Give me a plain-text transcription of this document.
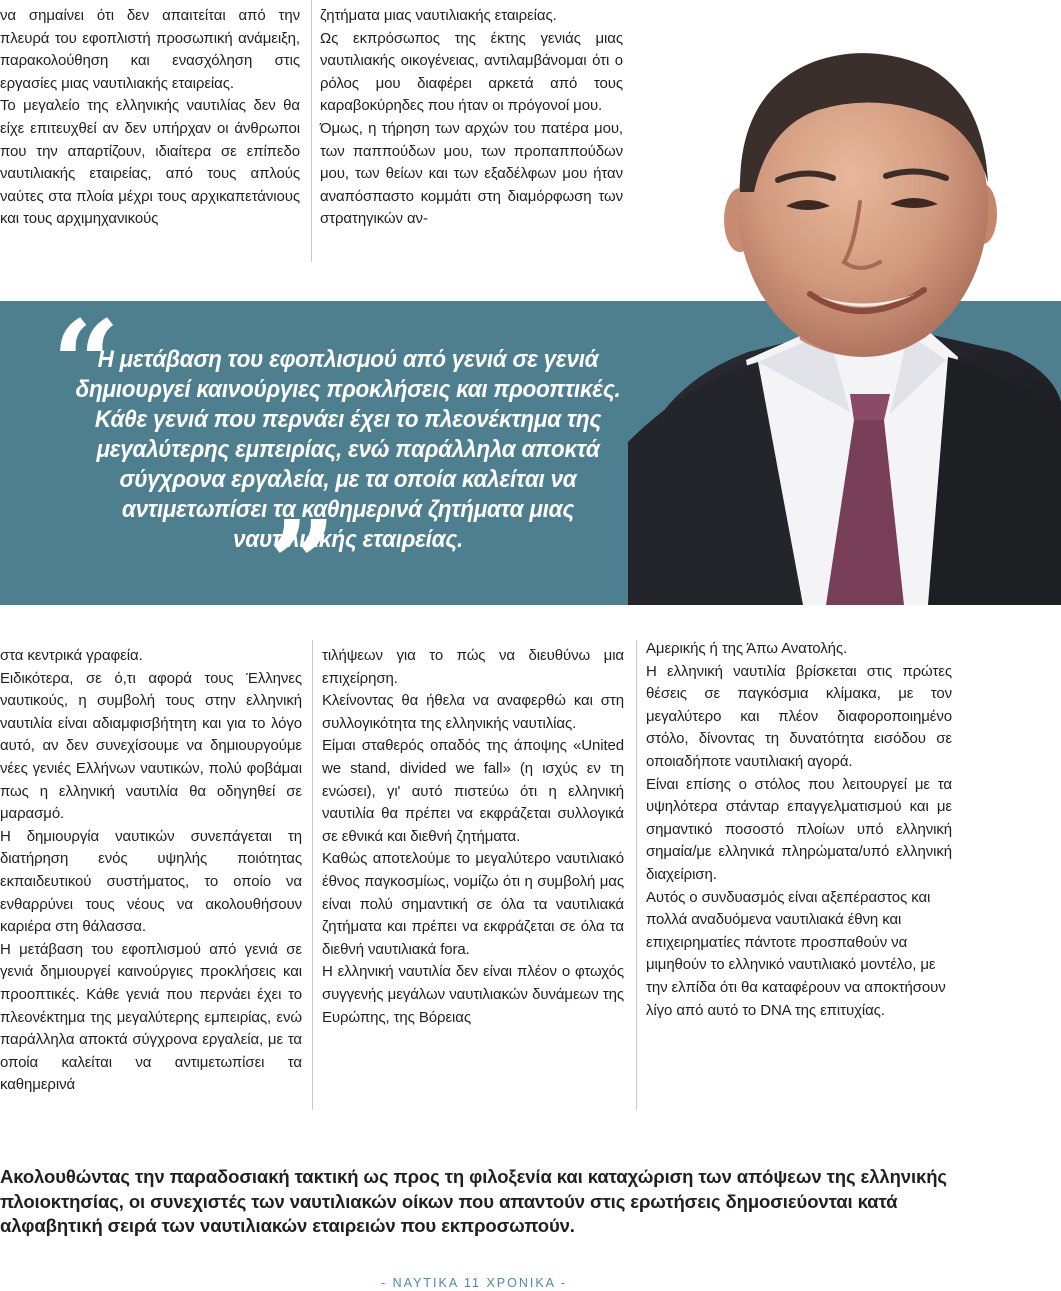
να σημαίνει ότι δεν απαιτείται από την πλευρά του εφοπλιστή προσωπική ανάμειξη, παρακολούθηση και ενασχόληση στις εργασίες μιας ναυτιλιακής εταιρείας.

Το μεγαλείο της ελληνικής ναυτιλίας δεν θα είχε επιτευχθεί αν δεν υπήρχαν οι άνθρωποι που την απαρτίζουν, ιδιαίτερα σε επίπεδο ναυτιλιακής εταιρείας, από τους απλούς ναύτες στα πλοία μέχρι τους αρχικαπετάνιους και τους αρχιμηχανικούς

ζητήματα μιας ναυτιλιακής εταιρείας.

Ως εκπρόσωπος της έκτης γενιάς μιας ναυτιλιακής οικογένειας, αντιλαμβάνομαι ότι ο ρόλος μου διαφέρει αρκετά από τους καραβοκύρηδες που ήταν οι πρόγονοί μου.

Όμως, η τήρηση των αρχών του πατέρα μου, των παππούδων μου, των προπαππούδων μου, των θείων και των εξαδέλφων μου ήταν αναπόσπαστο κομμάτι στη διαμόρφωση των στρατηγικών αν-

“

Η μετάβαση του εφοπλισμού από γενιά σε γενιά δημιουργεί καινούργιες προκλήσεις και προοπτικές. Κάθε γενιά που περνάει έχει το πλεονέκτημα της μεγαλύτερης εμπειρίας, ενώ παράλληλα αποκτά σύγχρονα εργαλεία, με τα οποία καλείται να αντιμετωπίσει τα καθημερινά ζητήματα μιας ναυτιλιακής εταιρείας.

”

στα κεντρικά γραφεία.

Ειδικότερα, σε ό,τι αφορά τους Έλληνες ναυτικούς, η συμβολή τους στην ελληνική ναυτιλία είναι αδιαμφισβήτητη και για το λόγο αυτό, αν δεν συνεχίσουμε να δημιουργούμε νέες γενιές Ελλήνων ναυτικών, πολύ φοβάμαι πως η ελληνική ναυτιλία θα οδηγηθεί σε μαρασμό.

Η δημιουργία ναυτικών συνεπάγεται τη διατήρηση ενός υψηλής ποιότητας εκπαιδευτικού συστήματος, το οποίο να ενθαρρύνει τους νέους να ακολουθήσουν καριέρα στη θάλασσα.

Η μετάβαση του εφοπλισμού από γενιά σε γενιά δημιουργεί καινούργιες προκλήσεις και προοπτικές. Κάθε γενιά που περνάει έχει το πλεονέκτημα της μεγαλύτερης εμπειρίας, ενώ παράλληλα αποκτά σύγχρονα εργαλεία, με τα οποία καλείται να αντιμετωπίσει τα καθημερινά

τιλήψεων για το πώς να διευθύνω μια επιχείρηση.

Κλείνοντας θα ήθελα να αναφερθώ και στη συλλογικότητα της ελληνικής ναυτιλίας.

Είμαι σταθερός οπαδός της άποψης «United we stand, divided we fall» (η ισχύς εν τη ενώσει), γι' αυτό πιστεύω ότι η ελληνική ναυτιλία θα πρέπει να εκφράζεται συλλογικά σε εθνικά και διεθνή ζητήματα.

Καθώς αποτελούμε το μεγαλύτερο ναυτιλιακό έθνος παγκοσμίως, νομίζω ότι η συμβολή μας είναι πολύ σημαντική σε όλα τα ναυτιλιακά ζητήματα και πρέπει να εκφράζεται σε όλα τα διεθνή ναυτιλιακά fora.

Η ελληνική ναυτιλία δεν είναι πλέον ο φτωχός συγγενής μεγάλων ναυτιλιακών δυνάμεων της Ευρώπης, της Βόρειας

Αμερικής ή της Άπω Ανατολής.

Η ελληνική ναυτιλία βρίσκεται στις πρώτες θέσεις σε παγκόσμια κλίμακα, με τον μεγαλύτερο και πλέον διαφοροποιημένο στόλο, δίνοντας τη δυνατότητα εισόδου σε οποιαδήποτε ναυτιλιακή αγορά.

Είναι επίσης ο στόλος που λειτουργεί με τα υψηλότερα στάνταρ επαγγελματισμού και με σημαντικό ποσοστό πλοίων υπό ελληνική σημαία/με ελληνικά πληρώματα/υπό ελληνική διαχείριση.

Αυτός ο συνδυασμός είναι αξεπέραστος και πολλά αναδυόμενα ναυτιλιακά έθνη και επιχειρηματίες πάντοτε προσπαθούν να μιμηθούν το ελληνικό ναυτιλιακό μοντέλο, με την ελπίδα ότι θα καταφέρουν να αποκτήσουν λίγο από αυτό το DNA της επιτυχίας.

Ακολουθώντας την παραδοσιακή τακτική ως προς τη φιλοξενία και καταχώριση των απόψεων της ελληνικής πλοιοκτησίας, οι συνεχιστές των ναυτιλιακών οίκων που απαντούν στις ερωτήσεις δημοσιεύονται κατά αλφαβητική σειρά των ναυτιλιακών εταιρειών που εκπροσωπούν.

- ΝΑΥΤΙΚΑ 11 ΧΡΟΝΙΚΑ -
